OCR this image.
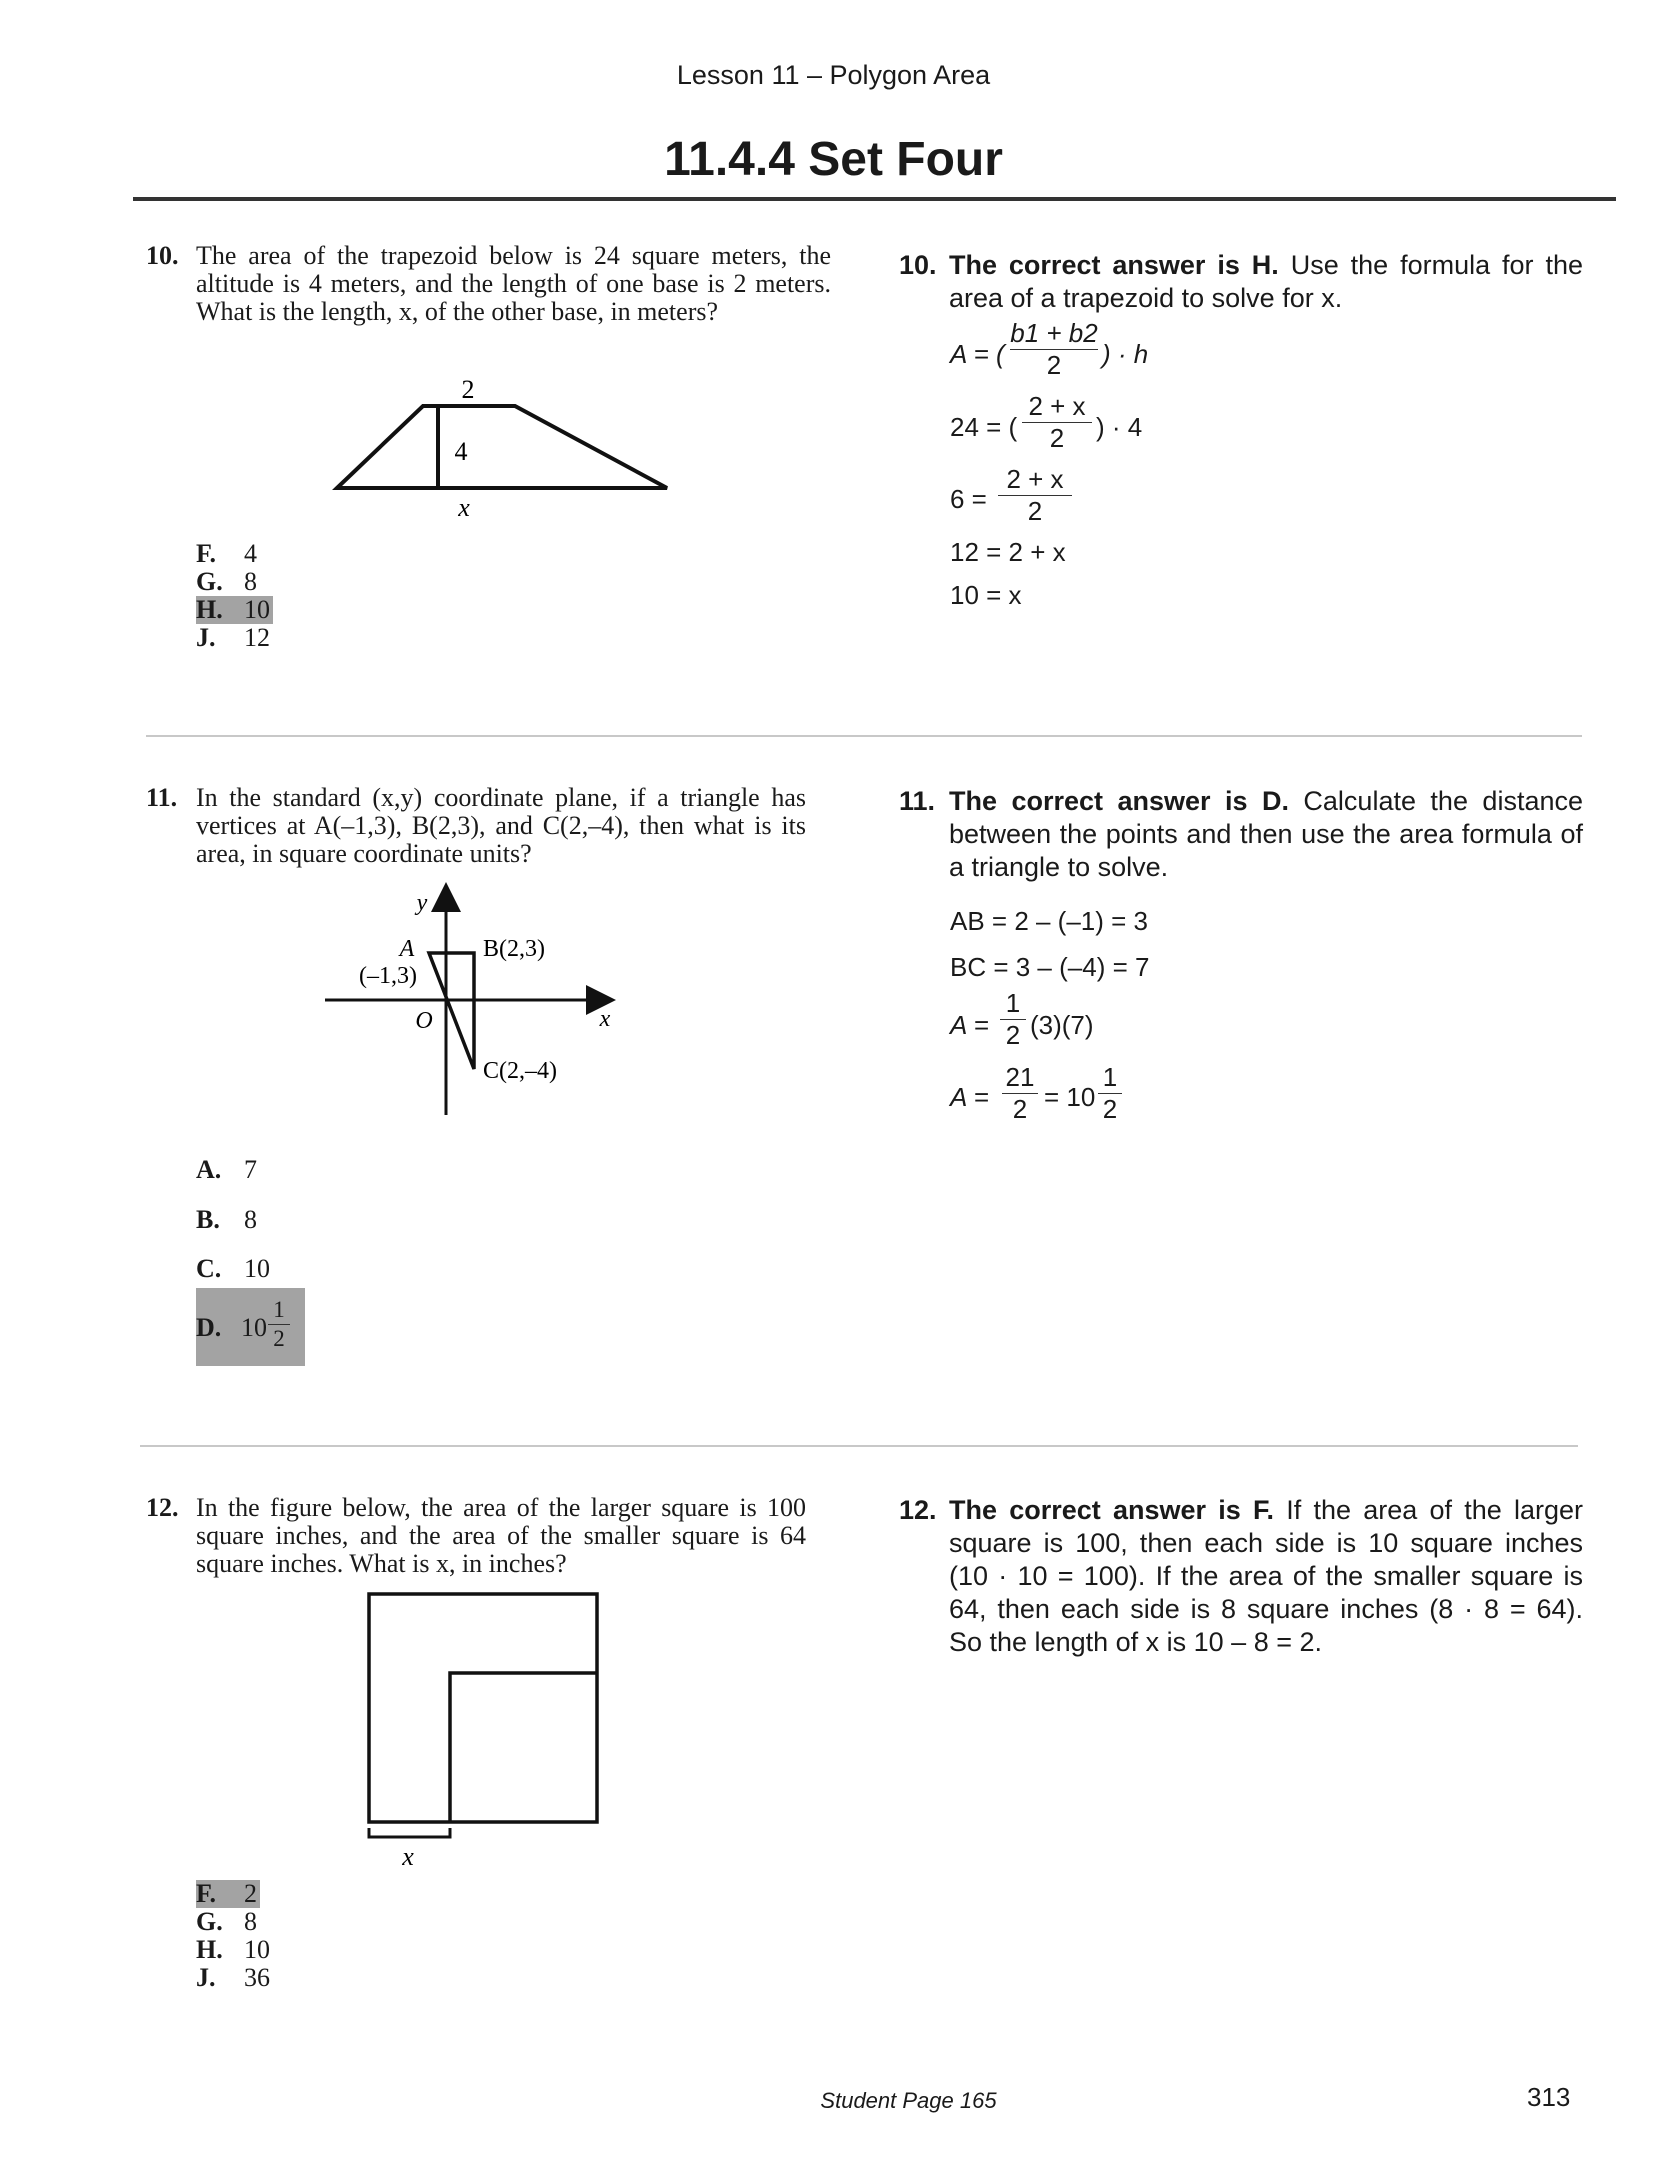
Lesson 11 – Polygon Area
11.4.4 Set Four
10. The area of the trapezoid below is 24 square meters, the altitude is 4 meters, and the length of one base is 2 meters. What is the length, x, of the other base, in meters?
2
4
x
F. 4
G. 8
H. 10
J. 12
10. The correct answer is H. Use the formula for the area of a trapezoid to solve for x.
A = ( $\frac{b1 + b2}{2}$ ) · h
24 = ( $\frac{2 + x}{2}$ ) · 4
$6 = \frac{2 + x}{2}$
12 = 2 + x
10 = x
11. In the standard (x,y) coordinate plane, if a triangle has vertices at A(–1,3), B(2,3), and C(2,–4), then what is its area, in square coordinate units?
y
x
O
A
(–1,3)
B(2,3)
C(2,–4)
A. 7
B. 8
C. 10
D. 10
1
2
11. The correct answer is D. Calculate the distance between the points and then use the area formula of a triangle to solve.
AB = 2 – (–1) = 3
BC = 3 – (–4) = 7
$A = \frac{1}{2} (3)(7)$
$A = \frac{21}{2} = 10 \frac{1}{2}$
12. In the figure below, the area of the larger square is 100 square inches, and the area of the smaller square is 64 square inches. What is x, in inches?
x
F. 2
G. 8
H. 10
J. 36
12. The correct answer is F. If the area of the larger square is 100, then each side is 10 square inches (10 · 10 = 100). If the area of the smaller square is 64, then each side is 8 square inches (8 · 8 = 64). So the length of x is 10 – 8 = 2.
Student Page 165	313
